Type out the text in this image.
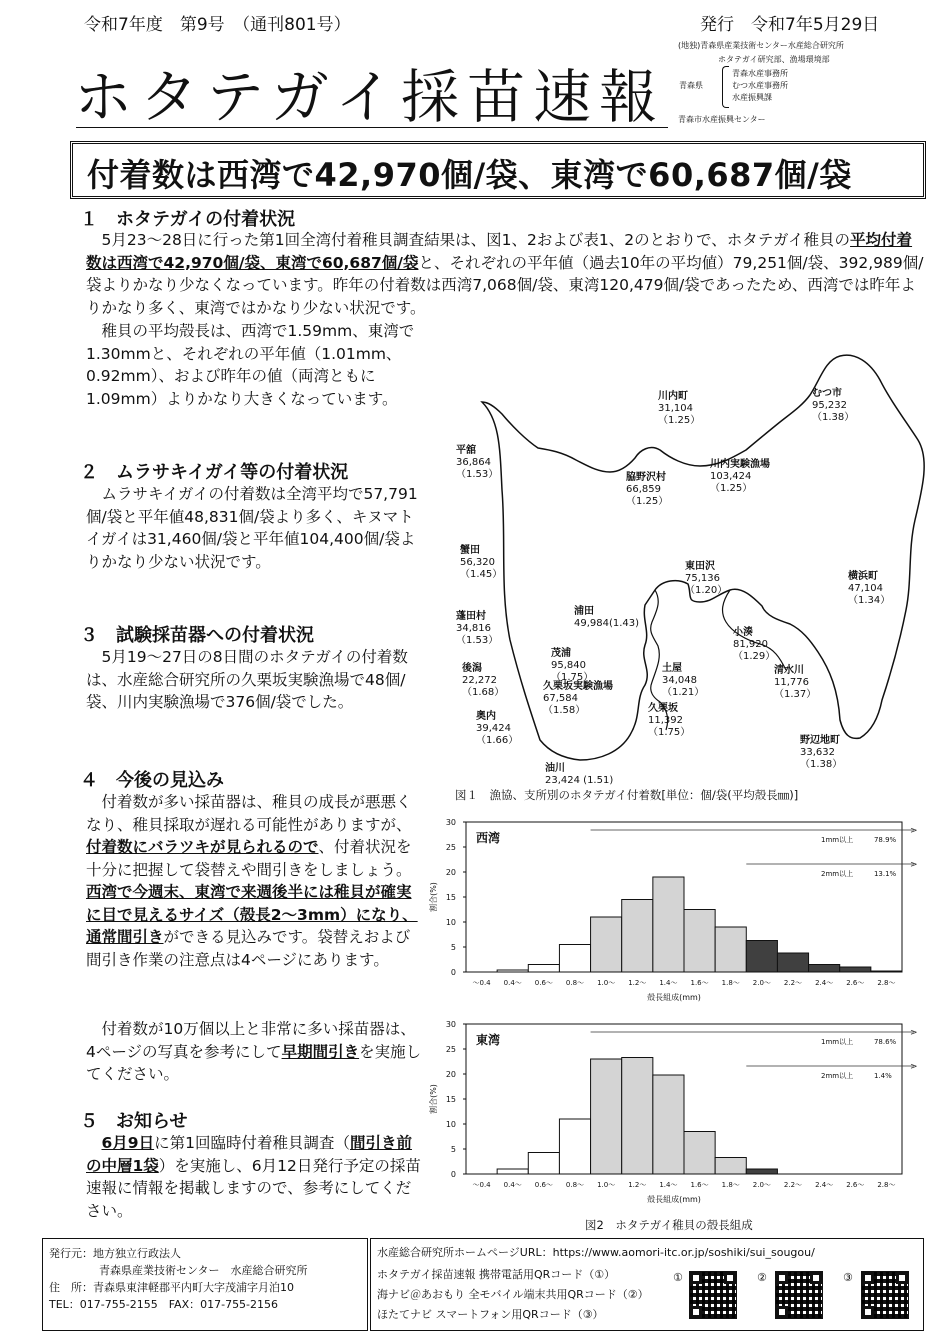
令和7年度　第9号　（通刊801号）	発行　令和7年5月29日
ホタテガイ採苗速報
(地独)青森県産業技術センター水産総合研究所
ホタテガイ研究部、漁場環境部
青森県
青森水産事務所
むつ水産事務所
水産振興課
青森市水産振興センター
付着数は西湾で42,970個/袋、東湾で60,687個/袋
１　ホタテガイの付着状況
5月23～28日に行った第1回全湾付着稚貝調査結果は、図1、2および表1、2のとおりで、ホタテガイ稚貝の平均付着数は西湾で42,970個/袋、東湾で60,687個/袋と、それぞれの平年値（過去10年の平均値）79,251個/袋、392,989個/袋よりかなり少なくなっています。昨年の付着数は西湾7,068個/袋、東湾120,479個/袋であったため、西湾では昨年よりかなり多く、東湾ではかなり少ない状況です。
稚貝の平均殻長は、西湾で1.59mm、東湾で1.30mmと、それぞれの平年値（1.01mm、0.92mm）、および昨年の値（両湾ともに1.09mm）よりかなり大きくなっています。
２　ムラサキイガイ等の付着状況
ムラサキイガイの付着数は全湾平均で57,791個/袋と平年値48,831個/袋より多く、キヌマトイガイは31,460個/袋と平年値104,400個/袋よりかなり少ない状況です。
３　試験採苗器への付着状況
5月19～27日の8日間のホタテガイの付着数は、水産総合研究所の久栗坂実験漁場で48個/袋、川内実験漁場で376個/袋でした。
４　今後の見込み
付着数が多い採苗器は、稚貝の成長が悪悪くなり、稚貝採取が遅れる可能性がありますが、付着数にバラツキが見られるので、付着状況を十分に把握して袋替えや間引きをしましょう。西湾で今週末、東湾で来週後半には稚貝が確実に目で見えるサイズ（殻長2～3mm）になり、通常間引きができる見込みです。袋替えおよび間引き作業の注意点は4ページにあります。
付着数が10万個以上と非常に多い採苗器は、4ページの写真を参考にして早期間引きを実施してください。
５　お知らせ
6月9日に第1回臨時付着稚貝調査（間引き前の中層1袋）を実施し、6月12日発行予定の採苗速報に情報を掲載しますので、参考にしてください。
川内町
31,104
（1.25）
むつ市
95,232
（1.38）
平舘
36,864
（1.53）	脇野沢村
66,859
（1.25）
川内実験漁場
103,424
（1.25）
蟹田
56,320
（1.45）
東田沢
75,136
（1.20）
横浜町
47,104
（1.34）
蓬田村
34,816
（1.53）
浦田
49,984(1.43)
小湊
81,920
（1.29）
茂浦
95,840
（1.75）
土屋
34,048
（1.21）
清水川
11,776
（1.37）
後潟
22,272
（1.68）
久栗坂実験漁場
67,584
（1.58）
奥内
39,424
（1.66）
久栗坂
11,392
（1.75）
野辺地町
33,632
（1.38）
油川
23,424 (1.51)
図１　漁協、支所別のホタテガイ付着数[単位：個/袋(平均殻長㎜)]
0
5
10
15
20
25
30
～0.4 0.4～ 0.6～ 0.8～ 1.0～ 1.2～ 1.4～ 1.6～ 1.8～ 2.0～ 2.2～ 2.4～ 2.6～ 2.8～
西湾
殻長組成(mm)
割合(%)
>
1mm以上	78.9%
>
2mm以上	13.1%
0
5
10
15
20
25
30
～0.4 0.4～ 0.6～ 0.8～ 1.0～ 1.2～ 1.4～ 1.6～ 1.8～ 2.0～ 2.2～ 2.4～ 2.6～ 2.8～
東湾
殻長組成(mm)
割合(%)
>
1mm以上	78.6%
>
2mm以上	1.4%
図2　ホタテガイ稚貝の殻長組成
発行元：地方独立行政法人
青森県産業技術センター　水産総合研究所
住　所：青森県東津軽郡平内町大字茂浦字月泊10
TEL：017-755-2155　FAX：017-755-2156
水産総合研究所ホームページURL：https://www.aomori-itc.or.jp/soshiki/sui_sougou/
ホタテガイ採苗速報 携帯電話用QRコード（①）
海ナビ＠あおもり 全モバイル端末共用QRコード（②）
ほたてナビ スマートフォン用QRコード（③）
①	②	③
